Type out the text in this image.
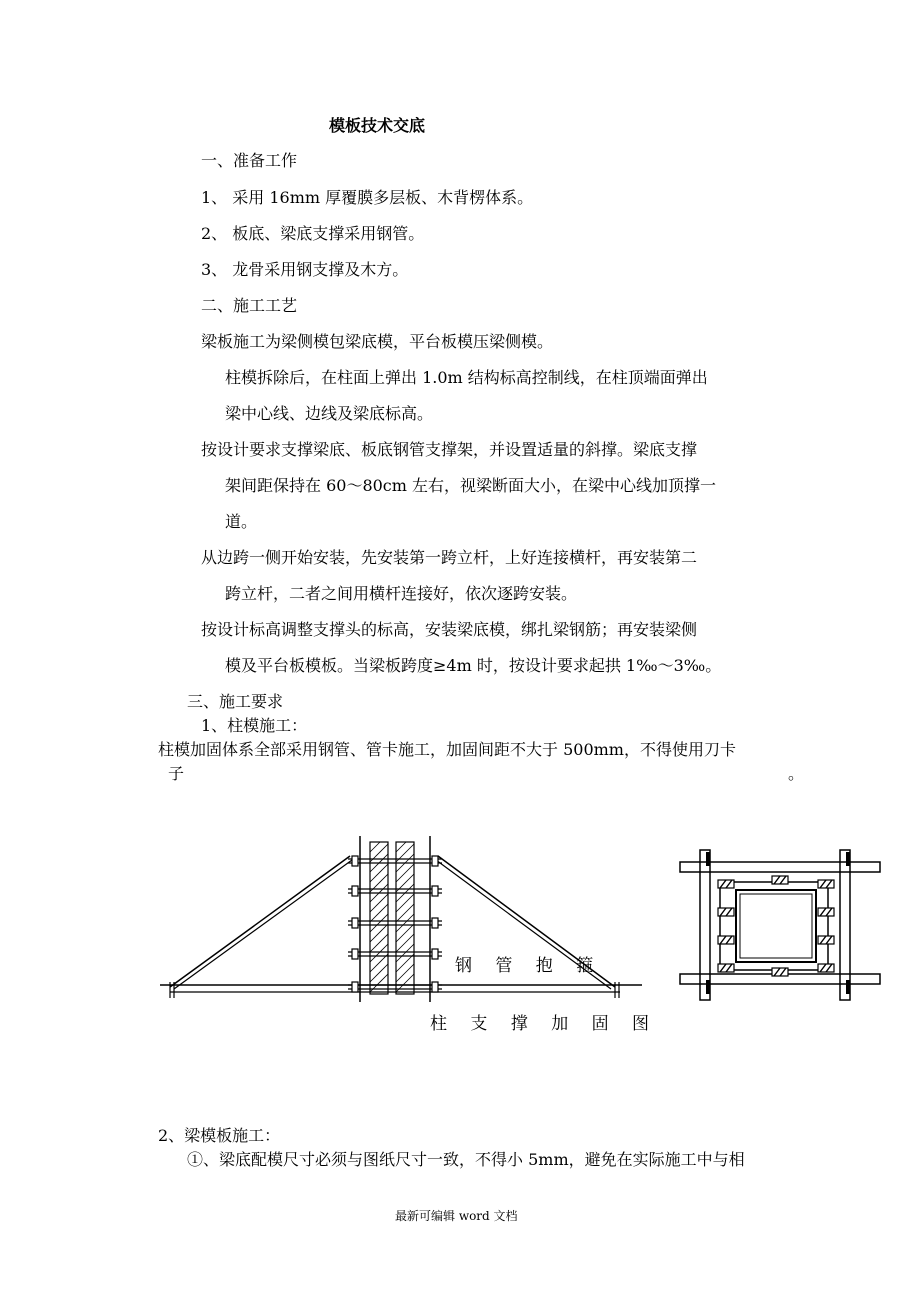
模板技术交底
一、准备工作
1、 采用 16mm 厚覆膜多层板、木背楞体系。
2、 板底、梁底支撑采用钢管。
3、 龙骨采用钢支撑及木方。
二、施工工艺
梁板施工为梁侧模包梁底模，平台板模压梁侧模。
柱模拆除后，在柱面上弹出 1.0m 结构标高控制线，在柱顶端面弹出
梁中心线、边线及梁底标高。
按设计要求支撑梁底、板底钢管支撑架，并设置适量的斜撑。梁底支撑
架间距保持在 60～80cm 左右，视梁断面大小，在梁中心线加顶撑一
道。
从边跨一侧开始安装，先安装第一跨立杆，上好连接横杆，再安装第二
跨立杆，二者之间用横杆连接好，依次逐跨安装。
按设计标高调整支撑头的标高，安装梁底模，绑扎梁钢筋；再安装梁侧
模及平台板模板。当梁板跨度≥4m 时，按设计要求起拱 1‰～3‰。
三、施工要求
1、柱模施工：
柱模加固体系全部采用钢管、管卡施工，加固间距不大于 500mm，不得使用刀卡
子	。
钢 管 抱 箍
柱 支 撑 加 固 图
2、梁模板施工：
①、梁底配模尺寸必须与图纸尺寸一致，不得小 5mm，避免在实际施工中与相
最新可编辑 word 文档
